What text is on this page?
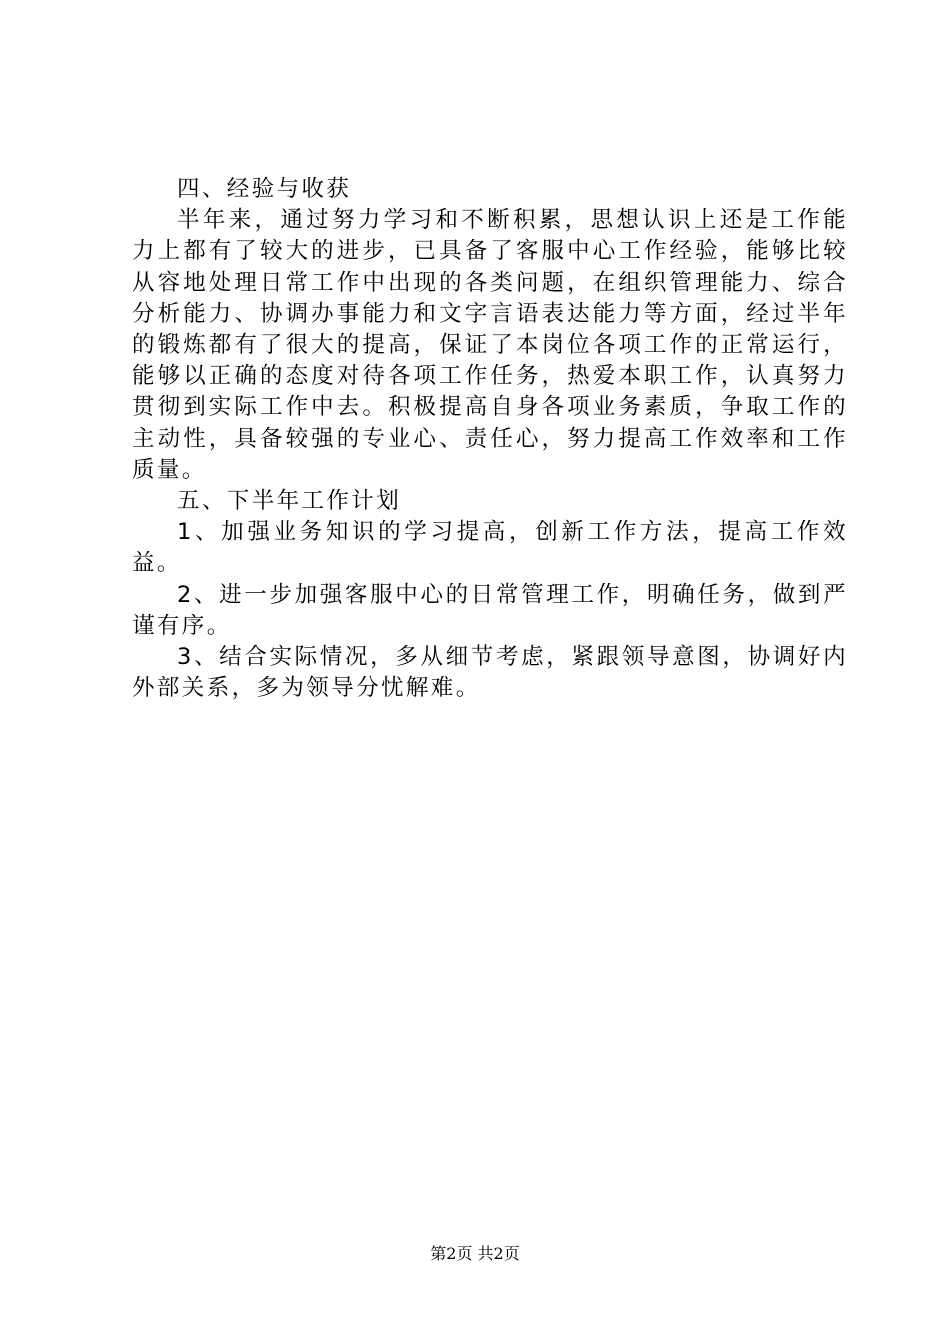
四、经验与收获

半年来，通过努力学习和不断积累，思想认识上还是工作能力上都有了较大的进步，已具备了客服中心工作经验，能够比较从容地处理日常工作中出现的各类问题，在组织管理能力、综合分析能力、协调办事能力和文字言语表达能力等方面，经过半年的锻炼都有了很大的提高，保证了本岗位各项工作的正常运行，能够以正确的态度对待各项工作任务，热爱本职工作，认真努力贯彻到实际工作中去。积极提高自身各项业务素质，争取工作的主动性，具备较强的专业心、责任心，努力提高工作效率和工作质量。

五、下半年工作计划

1、加强业务知识的学习提高，创新工作方法，提高工作效益。

2、进一步加强客服中心的日常管理工作，明确任务，做到严谨有序。

3、结合实际情况，多从细节考虑，紧跟领导意图，协调好内外部关系，多为领导分忧解难。

第2页 共2页
